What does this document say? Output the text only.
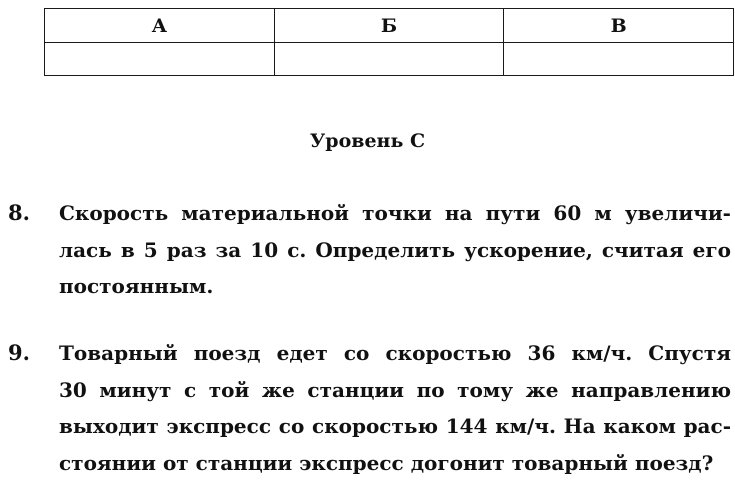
А	Б	В

Уровень С
8. Скорость материальной точки на пути 60 м увеличи-
лась в 5 раз за 10 с. Определить ускорение, считая его
постоянным.
9. Товарный поезд едет со скоростью 36 км/ч. Спустя
30 минут с той же станции по тому же направлению
выходит экспресс со скоростью 144 км/ч. На каком рас-
стоянии от станции экспресс догонит товарный поезд?
